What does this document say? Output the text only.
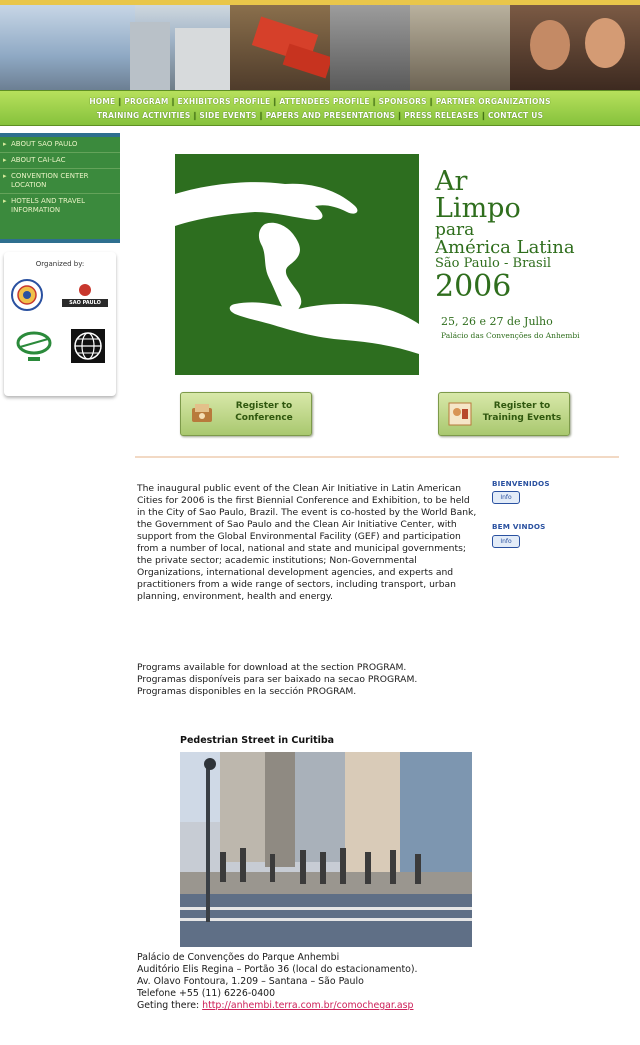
HOME | PROGRAM | EXHIBITORS PROFILE | ATTENDEES PROFILE | SPONSORS | PARTNER ORGANIZATIONS
TRAINING ACTIVITIES | SIDE EVENTS | PAPERS AND PRESENTATIONS | PRESS RELEASES | CONTACT US
▸ ABOUT SAO PAULO
▸ ABOUT CAI-LAC
▸ CONVENTION CENTER LOCATION
▸ HOTELS AND TRAVEL INFORMATION
Organized by:
SAO PAULO
Ar
Limpo
para
América Latina
São Paulo - Brasil
2006
25, 26 e 27 de Julho
Palácio das Convenções do Anhembi
Register to Conference
Register to Training Events
The inaugural public event of the Clean Air Initiative in Latin American Cities for 2006 is the first Biennial Conference and Exhibition, to be held in the City of Sao Paulo, Brazil. The event is co-hosted by the World Bank, the Government of Sao Paulo and the Clean Air Initiative Center, with support from the Global Environmental Facility (GEF) and participation from a number of local, national and state and municipal governments; the private sector; academic institutions; Non-Governmental Organizations, international development agencies, and experts and practitioners from a wide range of sectors, including transport, urban planning, environment, health and energy.
Programs available for download at the section PROGRAM.
Programas disponíveis para ser baixado na secao PROGRAM.
Programas disponibles en la sección PROGRAM.
BIENVENIDOS
Info
BEM VINDOS
Info
Pedestrian Street in Curitiba
Palácio de Convenções do Parque Anhembi
Auditório Elis Regina – Portão 36 (local do estacionamento).
Av. Olavo Fontoura, 1.209 – Santana – São Paulo
Telefone +55 (11) 6226-0400
Geting there: http://anhembi.terra.com.br/comochegar.asp
